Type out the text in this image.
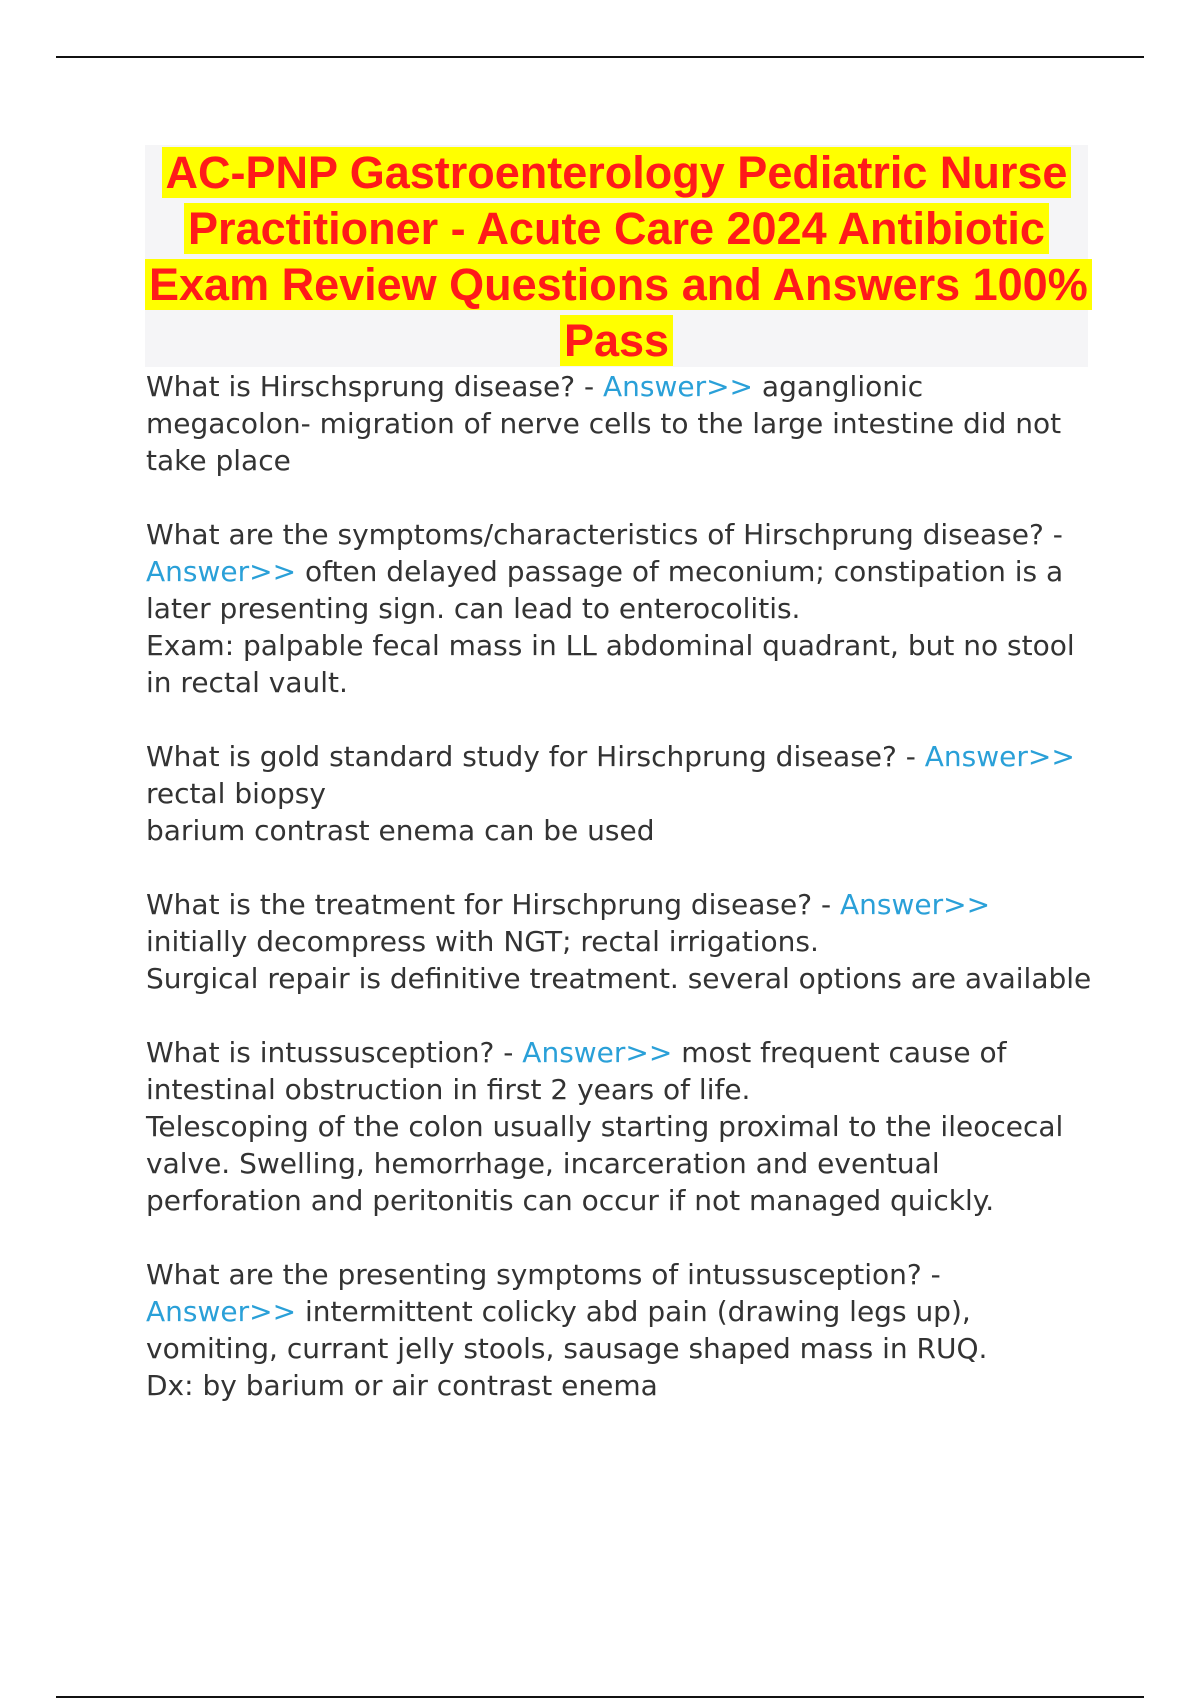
AC-PNP Gastroenterology Pediatric Nurse Practitioner - Acute Care 2024 Antibiotic Exam Review Questions and Answers 100% Pass
What is Hirschsprung disease? - Answer>> aganglionic megacolon- migration of nerve cells to the large intestine did not take place
What are the symptoms/characteristics of Hirschprung disease? - Answer>> often delayed passage of meconium; constipation is a later presenting sign. can lead to enterocolitis.
Exam: palpable fecal mass in LL abdominal quadrant, but no stool in rectal vault.
What is gold standard study for Hirschprung disease? - Answer>> rectal biopsy
barium contrast enema can be used
What is the treatment for Hirschprung disease? - Answer>> initially decompress with NGT; rectal irrigations.
Surgical repair is definitive treatment. several options are available
What is intussusception? - Answer>> most frequent cause of intestinal obstruction in first 2 years of life.
Telescoping of the colon usually starting proximal to the ileocecal valve. Swelling, hemorrhage, incarceration and eventual perforation and peritonitis can occur if not managed quickly.
What are the presenting symptoms of intussusception? - Answer>> intermittent colicky abd pain (drawing legs up), vomiting, currant jelly stools, sausage shaped mass in RUQ.
Dx: by barium or air contrast enema
